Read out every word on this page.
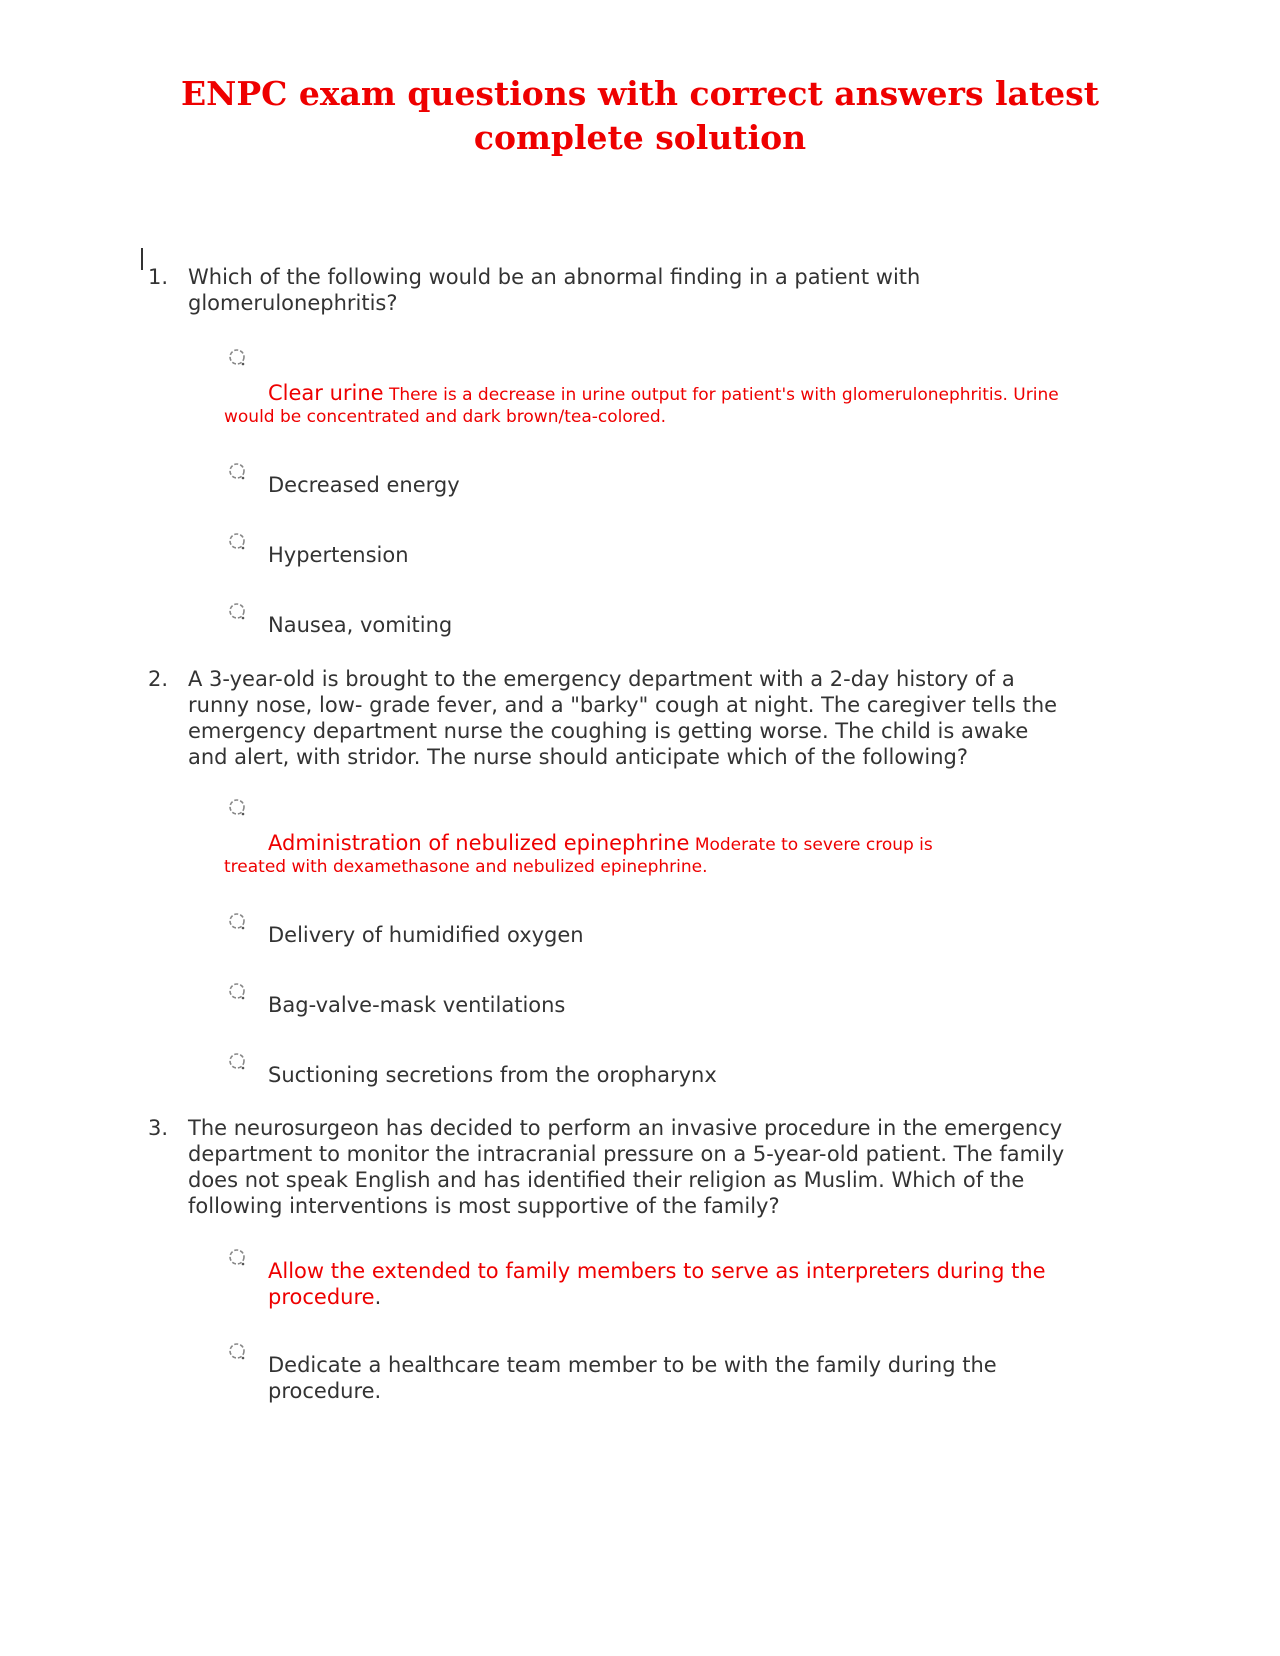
ENPC exam questions with correct answers latest complete solution
1. Which of the following would be an abnormal finding in a patient with glomerulonephritis?

Clear urine There is a decrease in urine output for patient's with glomerulonephritis. Urine would be concentrated and dark brown/tea-colored.
Decreased energy
Hypertension
Nausea, vomiting
2. A 3-year-old is brought to the emergency department with a 2-day history of a runny nose, low- grade fever, and a "barky" cough at night. The caregiver tells the emergency department nurse the coughing is getting worse. The child is awake and alert, with stridor. The nurse should anticipate which of the following?

Administration of nebulized epinephrine Moderate to severe croup is treated with dexamethasone and nebulized epinephrine.
Delivery of humidified oxygen
Bag-valve-mask ventilations
Suctioning secretions from the oropharynx
3. The neurosurgeon has decided to perform an invasive procedure in the emergency department to monitor the intracranial pressure on a 5-year-old patient. The family does not speak English and has identified their religion as Muslim. Which of the following interventions is most supportive of the family?

Allow the extended to family members to serve as interpreters during the procedure.
Dedicate a healthcare team member to be with the family during the procedure.
